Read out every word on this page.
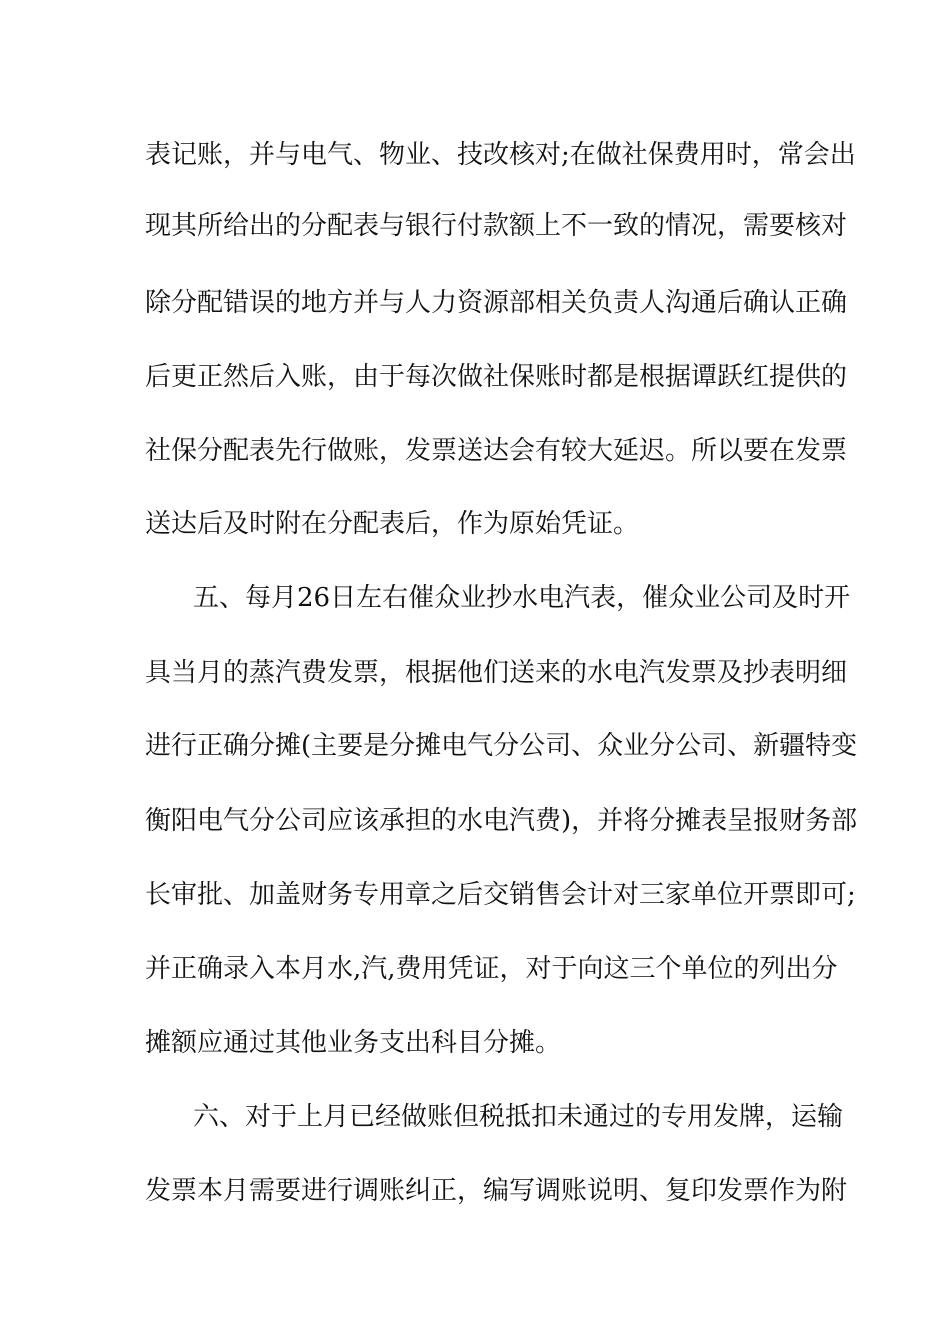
表记账，并与电气、物业、技改核对;在做社保费用时，常会出
现其所给出的分配表与银行付款额上不一致的情况，需要核对
除分配错误的地方并与人力资源部相关负责人沟通后确认正确
后更正然后入账，由于每次做社保账时都是根据谭跃红提供的
社保分配表先行做账，发票送达会有较大延迟。所以要在发票
送达后及时附在分配表后，作为原始凭证。
五、每月26日左右催众业抄水电汽表，催众业公司及时开
具当月的蒸汽费发票，根据他们送来的水电汽发票及抄表明细
进行正确分摊(主要是分摊电气分公司、众业分公司、新疆特变
衡阳电气分公司应该承担的水电汽费)，并将分摊表呈报财务部
长审批、加盖财务专用章之后交销售会计对三家单位开票即可;
并正确录入本月水,汽,费用凭证，对于向这三个单位的列出分
摊额应通过其他业务支出科目分摊。
六、对于上月已经做账但税抵扣未通过的专用发牌，运输
发票本月需要进行调账纠正，编写调账说明、复印发票作为附
